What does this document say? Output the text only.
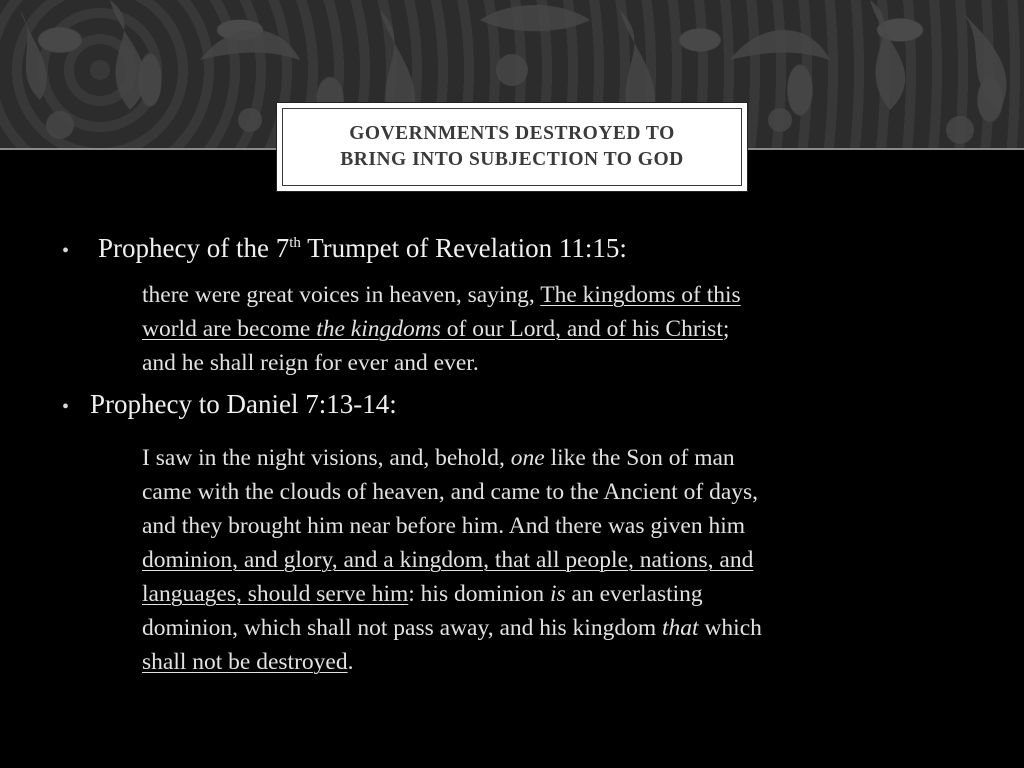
GOVERNMENTS DESTROYED TO
BRING INTO SUBJECTION TO GOD
•	Prophecy of the 7th Trumpet of Revelation 11:15:
there were great voices in heaven, saying, The kingdoms of this
world are become the kingdoms of our Lord, and of his Christ;
and he shall reign for ever and ever.
• Prophecy to Daniel 7:13-14:
I saw in the night visions, and, behold, one like the Son of man
came with the clouds of heaven, and came to the Ancient of days,
and they brought him near before him. And there was given him
dominion, and glory, and a kingdom, that all people, nations, and
languages, should serve him: his dominion is an everlasting
dominion, which shall not pass away, and his kingdom that which
shall not be destroyed.
